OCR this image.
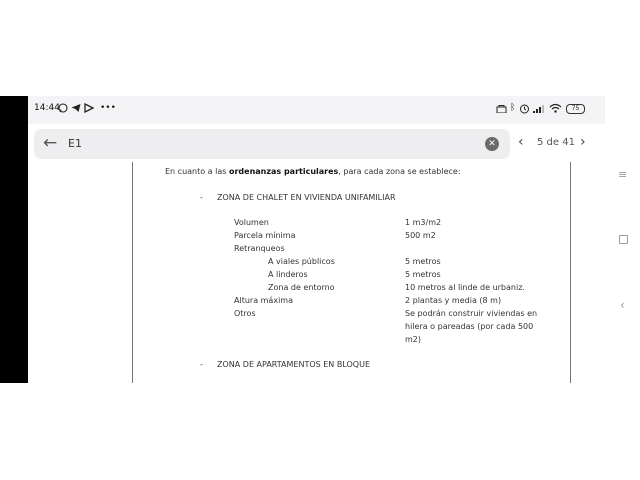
14:44	•••	ᛒ	75
← E1	✕ ‹ 5 de 41 ›
En cuanto a las ordenanzas particulares, para cada zona se establece:
- ZONA DE CHALET EN VIVIENDA UNIFAMILIAR
Volumen	1 m3/m2
Parcela mínima	500 m2
Retranqueos
A viales públicos	5 metros
A linderos	5 metros
Zona de entorno	10 metros al linde de urbaniz.
Altura máxima	2 plantas y media (8 m)
Otros	Se podrán construir viviendas en
hilera o pareadas (por cada 500
m2)
- ZONA DE APARTAMENTOS EN BLOQUE
≡
‹
